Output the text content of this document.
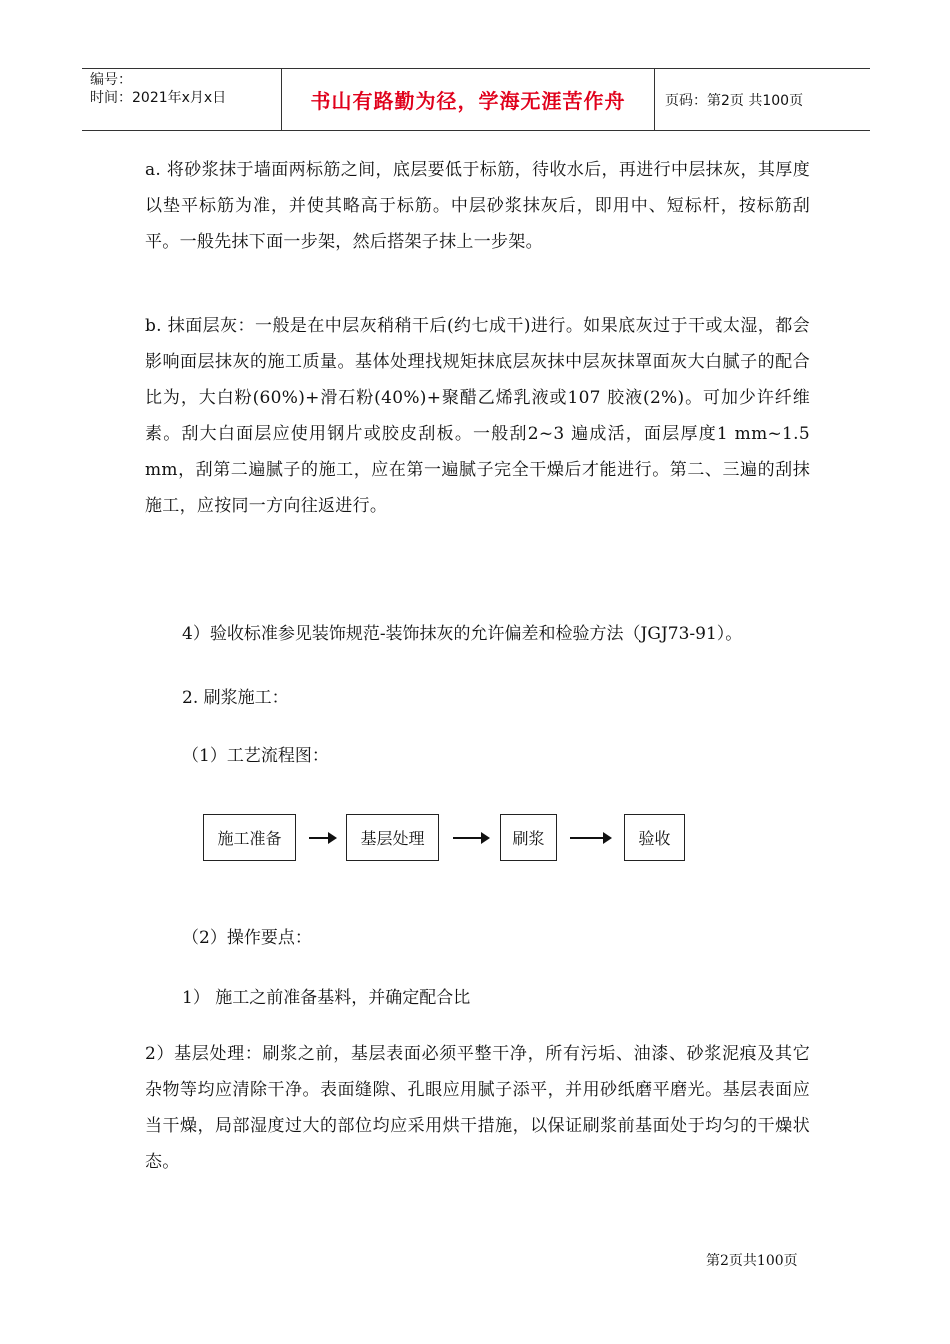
编号：
时间：2021年x月x日	书山有路勤为径，学海无涯苦作舟	页码：第2页 共100页
a. 将砂浆抹于墙面两标筋之间，底层要低于标筋，待收水后，再进行中层抹灰，其厚度以垫平标筋为准，并使其略高于标筋。中层砂浆抹灰后，即用中、短标杆，按标筋刮平。一般先抹下面一步架，然后搭架子抹上一步架。
b. 抹面层灰：一般是在中层灰稍稍干后(约七成干)进行。如果底灰过于干或太湿，都会影响面层抹灰的施工质量。基体处理找规矩抹底层灰抹中层灰抹罩面灰大白腻子的配合比为，大白粉(60%)+滑石粉(40%)+聚醋乙烯乳液或107 胶液(2%)。可加少许纤维素。刮大白面层应使用钢片或胶皮刮板。一般刮2~3 遍成活，面层厚度1 mm~1.5 mm，刮第二遍腻子的施工，应在第一遍腻子完全干燥后才能进行。第二、三遍的刮抹施工，应按同一方向往返进行。
4）验收标准参见装饰规范-装饰抹灰的允许偏差和检验方法（JGJ73-91）。
2. 刷浆施工：
（1）工艺流程图：
施工准备	基层处理	刷浆	验收
（2）操作要点：
1） 施工之前准备基料，并确定配合比
2）基层处理：刷浆之前，基层表面必须平整干净，所有污垢、油漆、砂浆泥痕及其它杂物等均应清除干净。表面缝隙、孔眼应用腻子添平，并用砂纸磨平磨光。基层表面应当干燥，局部湿度过大的部位均应采用烘干措施，以保证刷浆前基面处于均匀的干燥状态。
第2页共100页
